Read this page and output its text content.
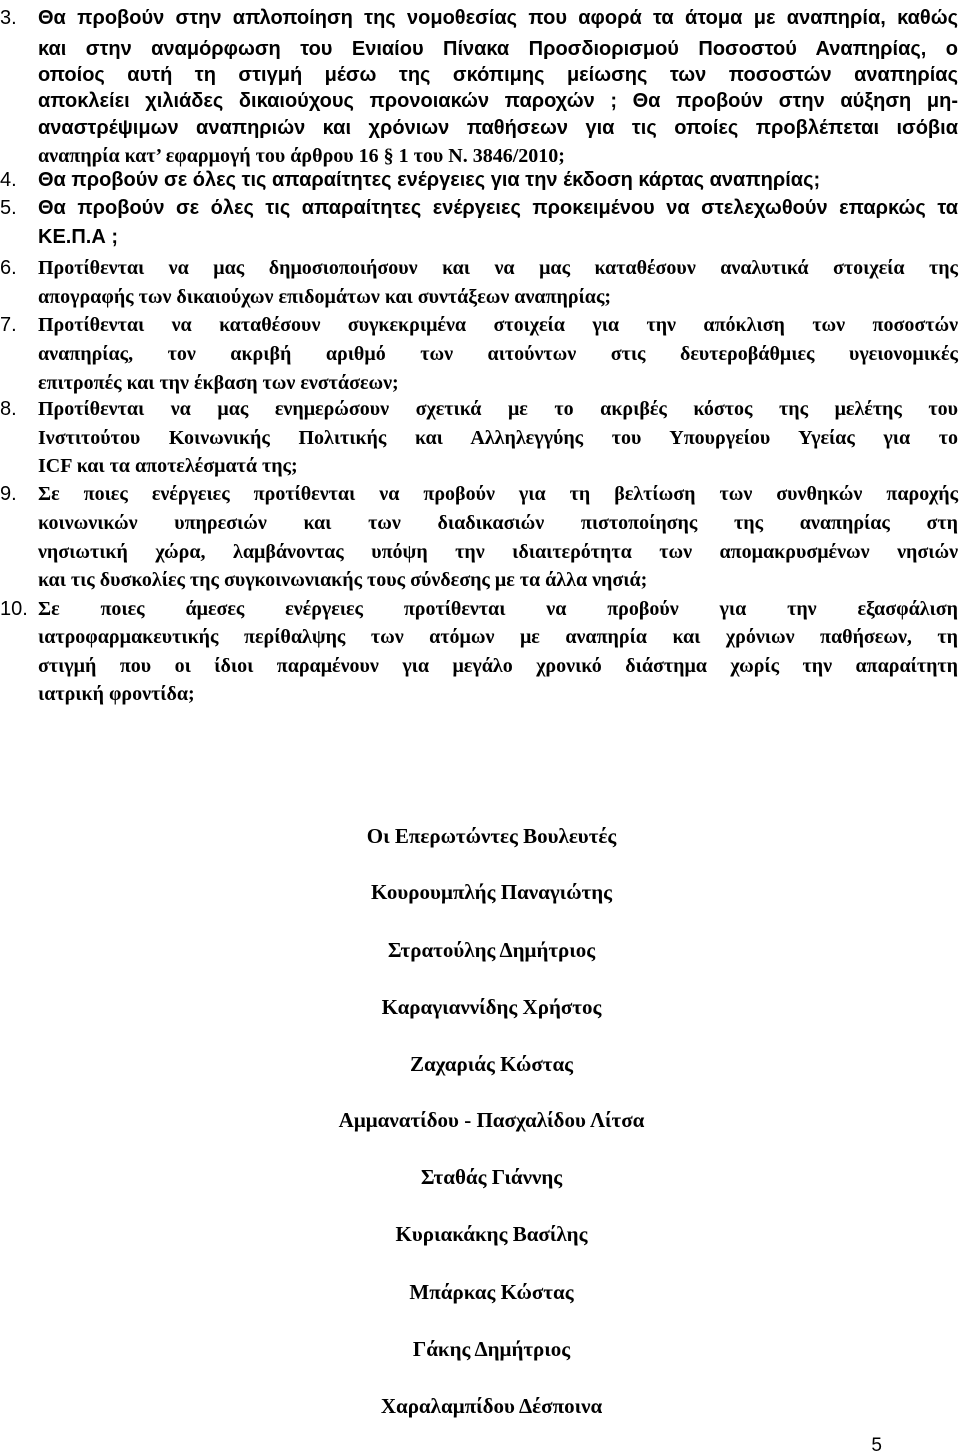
3. Θα προβούν στην απλοποίηση της νομοθεσίας που αφορά τα άτομα με αναπηρία, καθώς
και στην αναμόρφωση του Ενιαίου Πίνακα Προσδιορισμού Ποσοστού Αναπηρίας, ο
οποίος αυτή τη στιγμή μέσω της σκόπιμης μείωσης των ποσοστών αναπηρίας
αποκλείει χιλιάδες δικαιούχους προνοιακών παροχών ; Θα προβούν στην αύξηση μη-
αναστρέψιμων αναπηριών και χρόνιων παθήσεων για τις οποίες προβλέπεται ισόβια
αναπηρία κατ’ εφαρμογή του άρθρου 16 § 1 του Ν. 3846/2010;
4. Θα προβούν σε όλες τις απαραίτητες ενέργειες για την έκδοση κάρτας αναπηρίας;
5. Θα προβούν σε όλες τις απαραίτητες ενέργειες προκειμένου να στελεχωθούν επαρκώς τα
ΚΕ.Π.Α ;
6. Προτίθενται να μας δημοσιοποιήσουν και να μας καταθέσουν αναλυτικά στοιχεία της
απογραφής των δικαιούχων επιδομάτων και συντάξεων αναπηρίας;
7. Προτίθενται να καταθέσουν συγκεκριμένα στοιχεία για την απόκλιση των ποσοστών
αναπηρίας, τον ακριβή αριθμό των αιτούντων στις δευτεροβάθμιες υγειονομικές
επιτροπές και την έκβαση των ενστάσεων;
8. Προτίθενται να μας ενημερώσουν σχετικά με το ακριβές κόστος της μελέτης του
Ινστιτούτου Κοινωνικής Πολιτικής και Αλληλεγγύης του Υπουργείου Υγείας για το
ICF και τα αποτελέσματά της;
9. Σε ποιες ενέργειες προτίθενται να προβούν για τη βελτίωση των συνθηκών παροχής
κοινωνικών υπηρεσιών και των διαδικασιών πιστοποίησης της αναπηρίας στη
νησιωτική χώρα, λαμβάνοντας υπόψη την ιδιαιτερότητα των απομακρυσμένων νησιών
και τις δυσκολίες της συγκοινωνιακής τους σύνδεσης με τα άλλα νησιά;
10. Σε ποιες άμεσες ενέργειες προτίθενται να προβούν για την εξασφάλιση
ιατροφαρμακευτικής περίθαλψης των ατόμων με αναπηρία και χρόνιων παθήσεων, τη
στιγμή που οι ίδιοι παραμένουν για μεγάλο χρονικό διάστημα χωρίς την απαραίτητη
ιατρική φροντίδα;
Οι Επερωτώντες Βουλευτές
Κουρουμπλής Παναγιώτης
Στρατούλης Δημήτριος
Καραγιαννίδης Χρήστος
Ζαχαριάς Κώστας
Αμμανατίδου - Πασχαλίδου Λίτσα
Σταθάς Γιάννης
Κυριακάκης Βασίλης
Μπάρκας Κώστας
Γάκης Δημήτριος
Χαραλαμπίδου Δέσποινα
5
